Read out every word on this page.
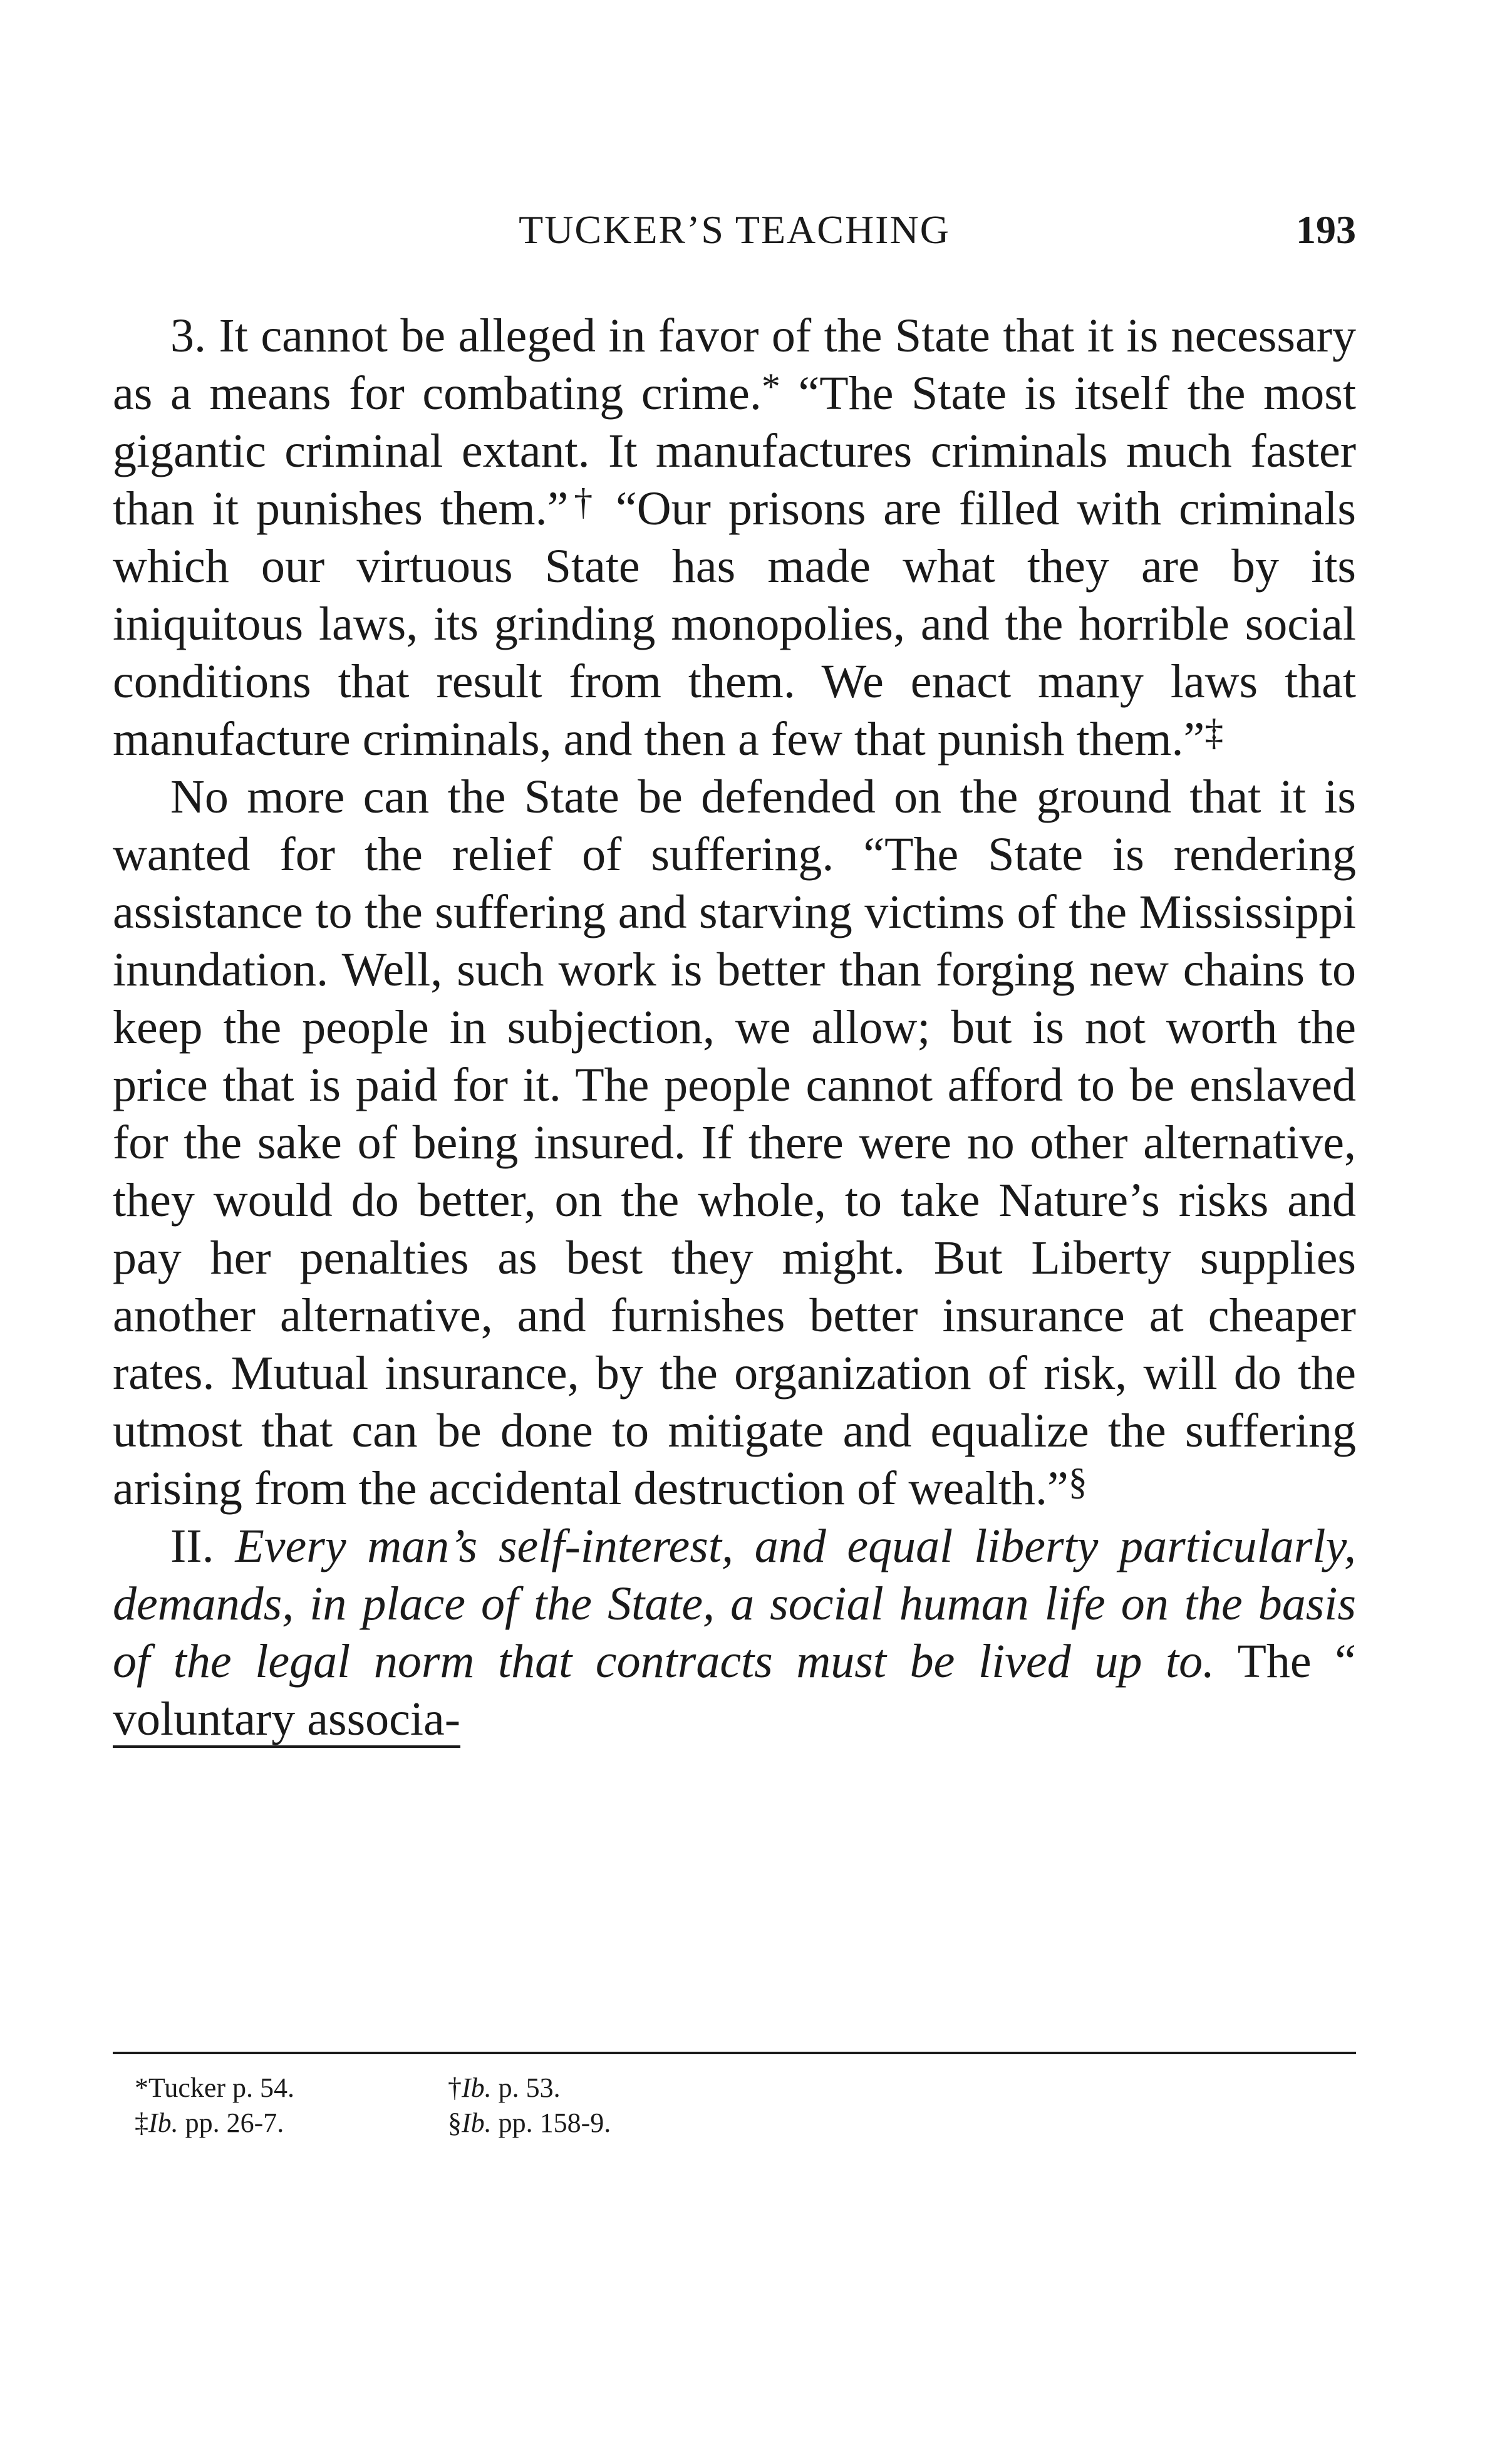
TUCKER’S TEACHING	193

3. It cannot be alleged in favor of the State that it is necessary as a means for combating crime.* “The State is itself the most gigantic criminal extant. It manufactures criminals much faster than it punishes them.”† “Our prisons are filled with criminals which our virtuous State has made what they are by its iniquitous laws, its grinding monopolies, and the horrible social conditions that result from them. We enact many laws that manufacture criminals, and then a few that punish them.”‡

No more can the State be defended on the ground that it is wanted for the relief of suffering. “The State is rendering assistance to the suffering and starving victims of the Mississippi inundation. Well, such work is better than forging new chains to keep the people in subjection, we allow; but is not worth the price that is paid for it. The people cannot afford to be enslaved for the sake of being insured. If there were no other alternative, they would do better, on the whole, to take Nature’s risks and pay her penalties as best they might. But Liberty supplies another alternative, and furnishes better insurance at cheaper rates. Mutual insurance, by the organization of risk, will do the utmost that can be done to mitigate and equalize the suffering arising from the accidental destruction of wealth.”§

II. Every man’s self-interest, and equal liberty particularly, demands, in place of the State, a social human life on the basis of the legal norm that contracts must be lived up to. The “ voluntary associa-

*Tucker p. 54.	†Ib. p. 53.
‡Ib. pp. 26-7.	§Ib. pp. 158-9.
